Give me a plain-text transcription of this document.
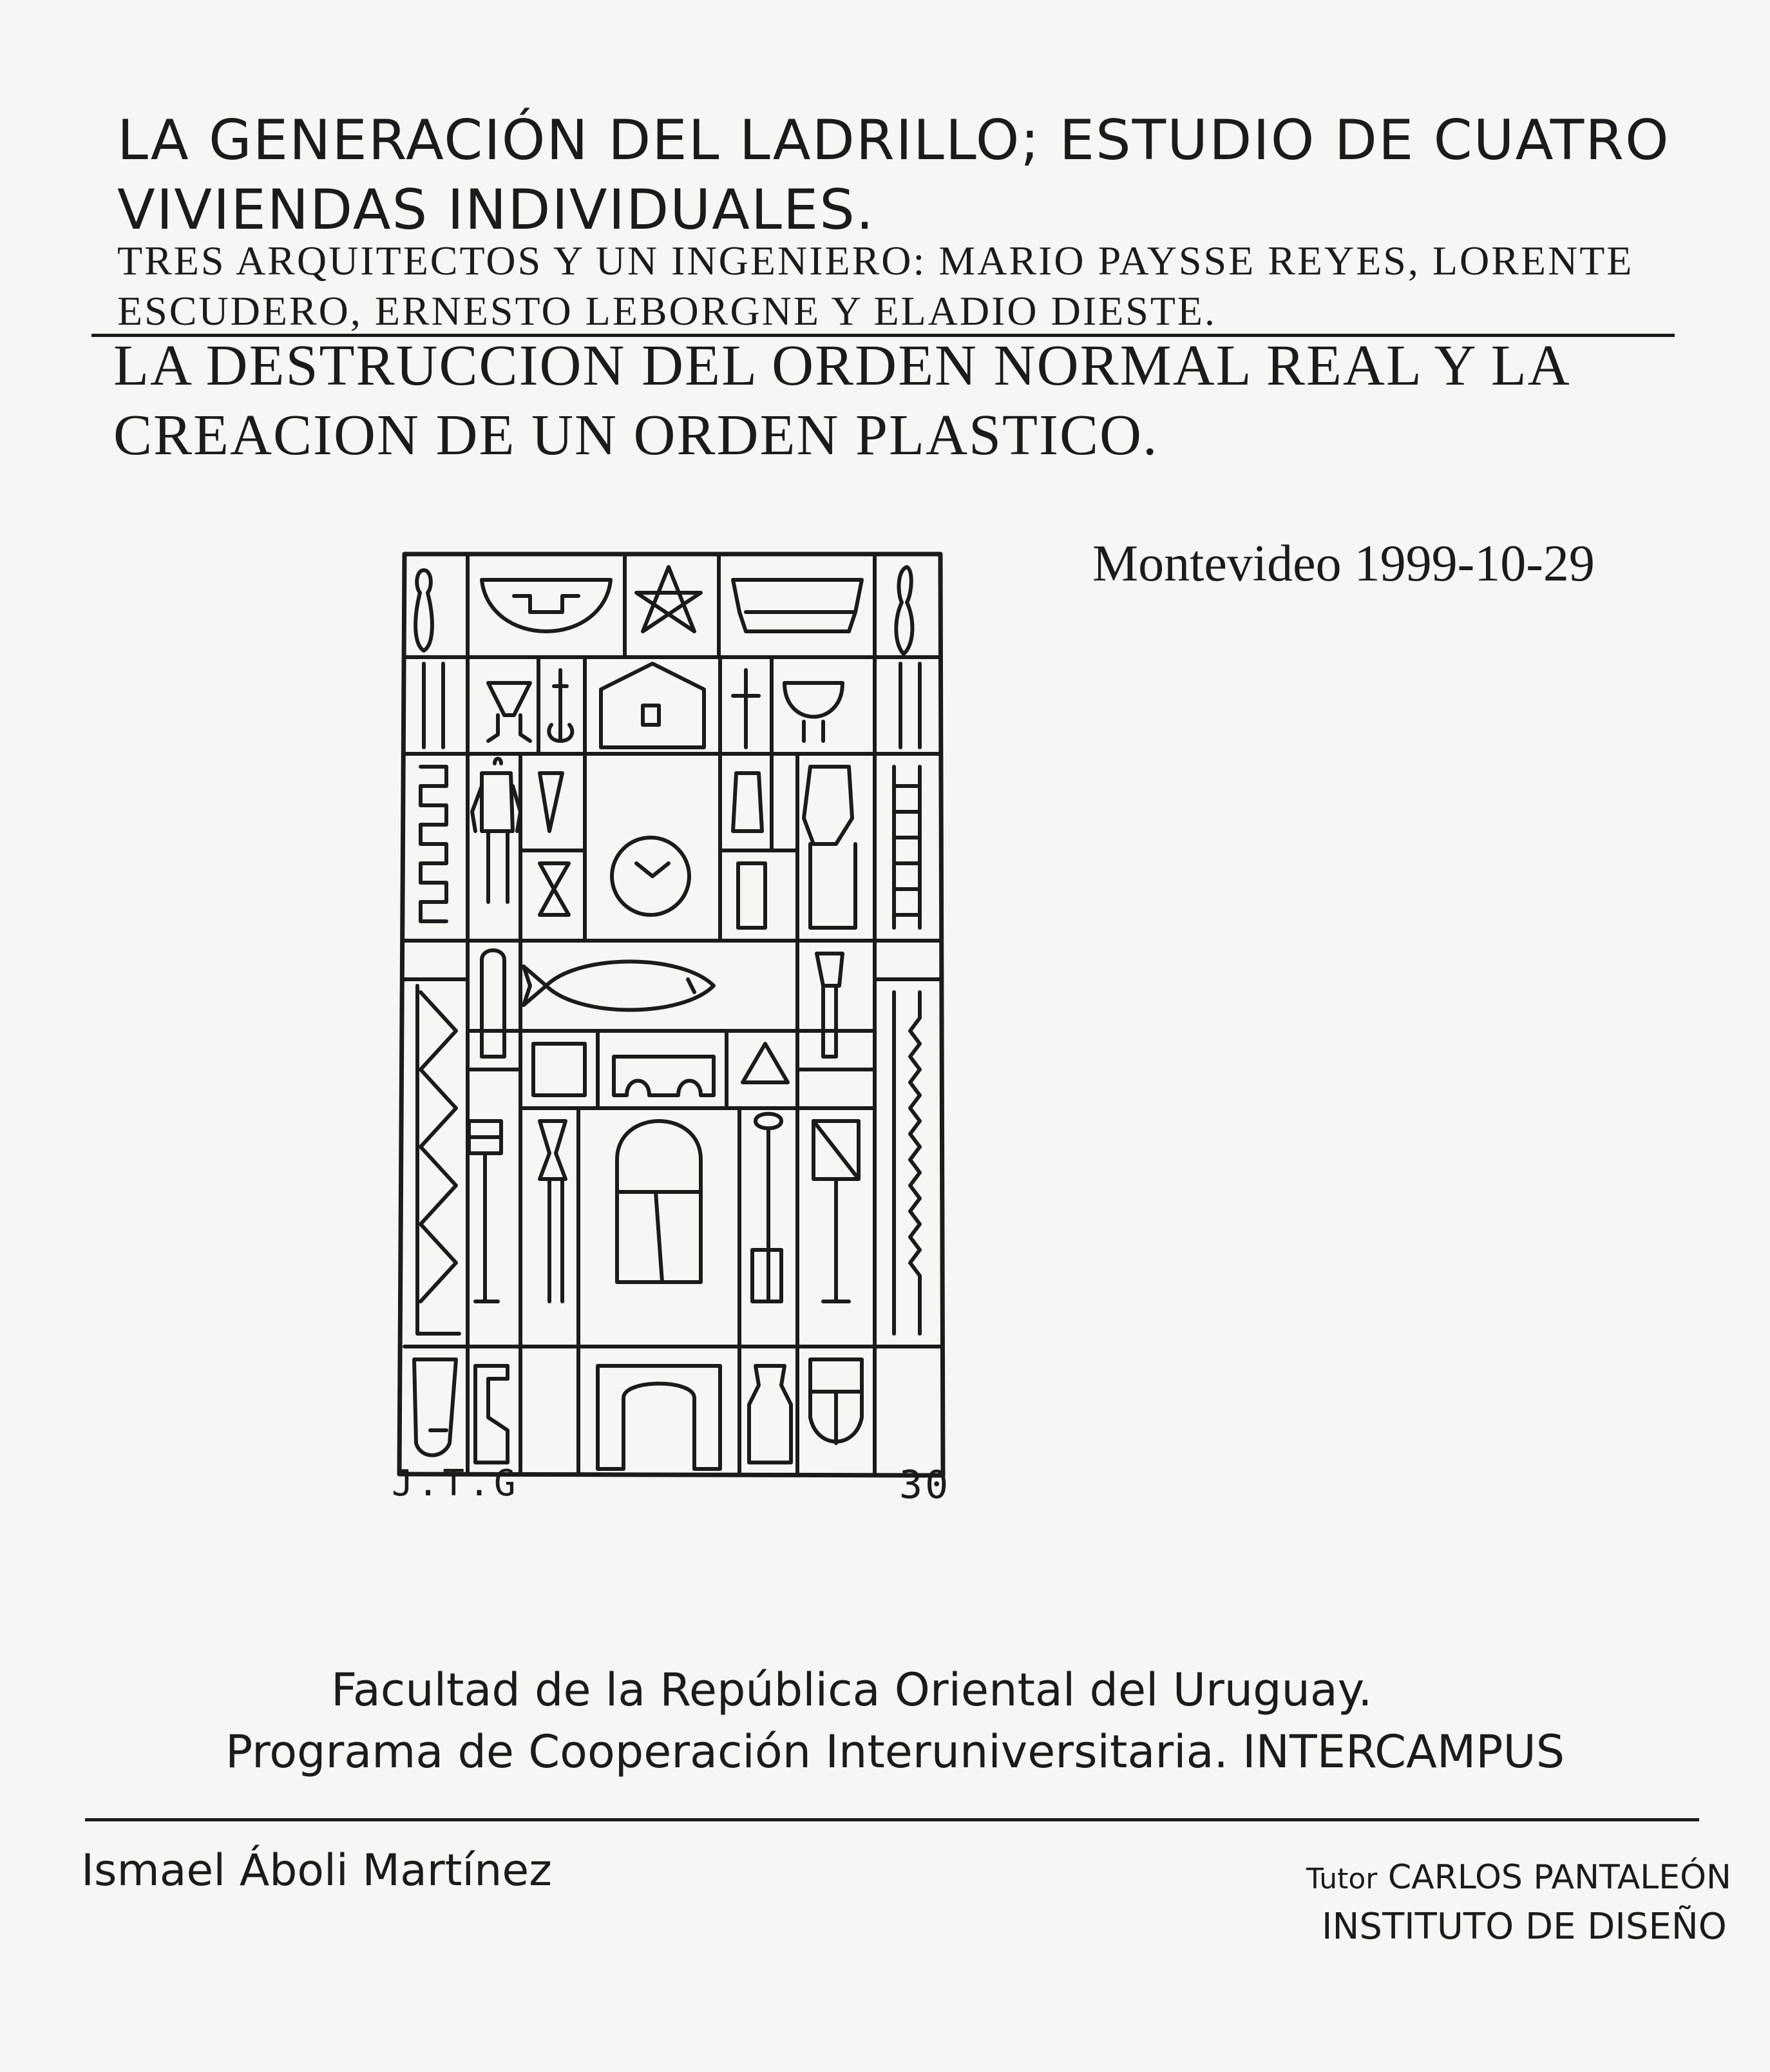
LA GENERACIÓN DEL LADRILLO; ESTUDIO DE CUATRO
VIVIENDAS INDIVIDUALES.
TRES ARQUITECTOS Y UN INGENIERO: MARIO PAYSSE REYES, LORENTE
ESCUDERO, ERNESTO LEBORGNE Y ELADIO DIESTE.
LA DESTRUCCION DEL ORDEN NORMAL REAL Y LA
CREACION DE UN ORDEN PLASTICO.
Montevideo 1999-10-29
J.T.G	30
Facultad de la República Oriental del Uruguay.
Programa de Cooperación Interuniversitaria. INTERCAMPUS
Ismael Áboli Martínez	Tutor CARLOS PANTALEÓN
INSTITUTO DE DISEÑO
